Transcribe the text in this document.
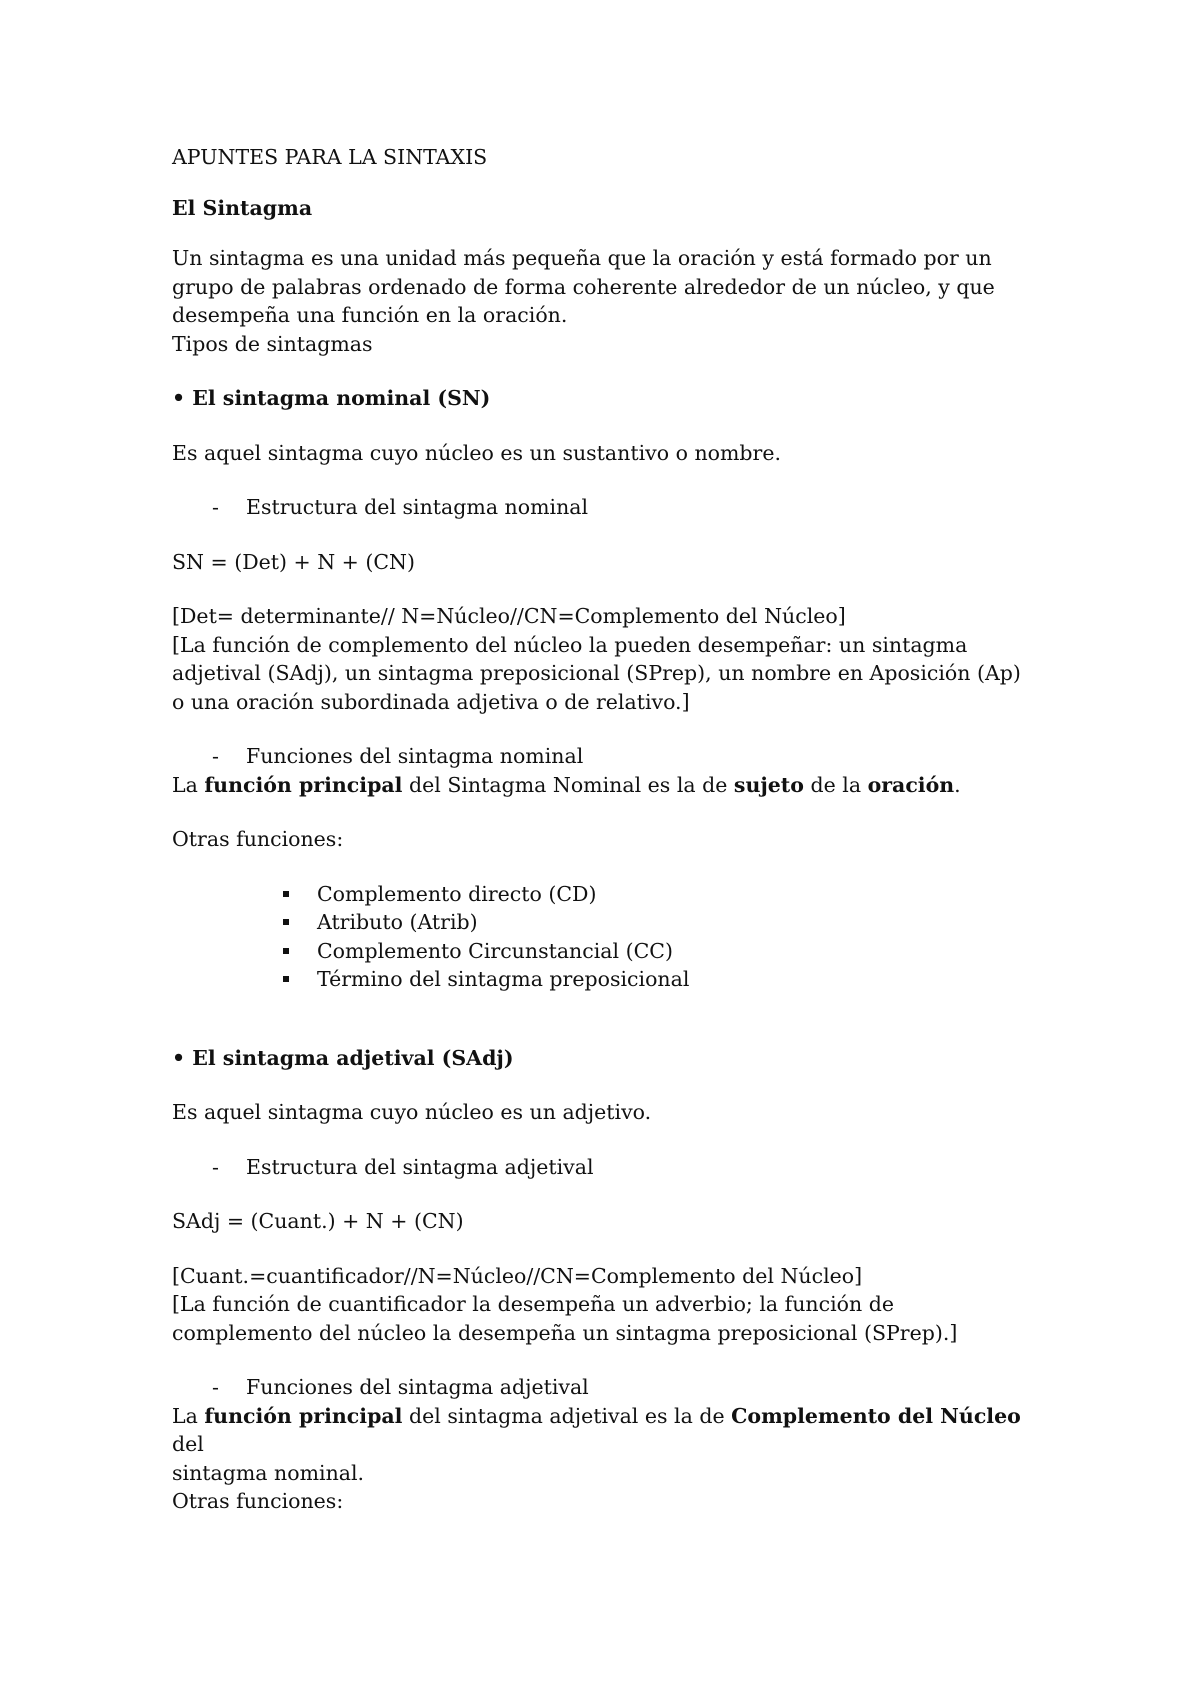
APUNTES PARA LA SINTAXIS

El Sintagma

Un sintagma es una unidad más pequeña que la oración y está formado por un

grupo de palabras ordenado de forma coherente alrededor de un núcleo, y que

desempeña una función en la oración.

Tipos de sintagmas

• El sintagma nominal (SN)

Es aquel sintagma cuyo núcleo es un sustantivo o nombre.

- Estructura del sintagma nominal

SN = (Det) + N + (CN)

[Det= determinante// N=Núcleo//CN=Complemento del Núcleo]

[La función de complemento del núcleo la pueden desempeñar: un sintagma

adjetival (SAdj), un sintagma preposicional (SPrep), un nombre en Aposición (Ap)

o una oración subordinada adjetiva o de relativo.]

- Funciones del sintagma nominal

La función principal del Sintagma Nominal es la de sujeto de la oración.

Otras funciones:

Complemento directo (CD)
Atributo (Atrib)
Complemento Circunstancial (CC)
Término del sintagma preposicional

• El sintagma adjetival (SAdj)

Es aquel sintagma cuyo núcleo es un adjetivo.

- Estructura del sintagma adjetival

SAdj = (Cuant.) + N + (CN)

[Cuant.=cuantificador//N=Núcleo//CN=Complemento del Núcleo]

[La función de cuantificador la desempeña un adverbio; la función de

complemento del núcleo la desempeña un sintagma preposicional (SPrep).]

- Funciones del sintagma adjetival

La función principal del sintagma adjetival es la de Complemento del Núcleo del

sintagma nominal.

Otras funciones:
